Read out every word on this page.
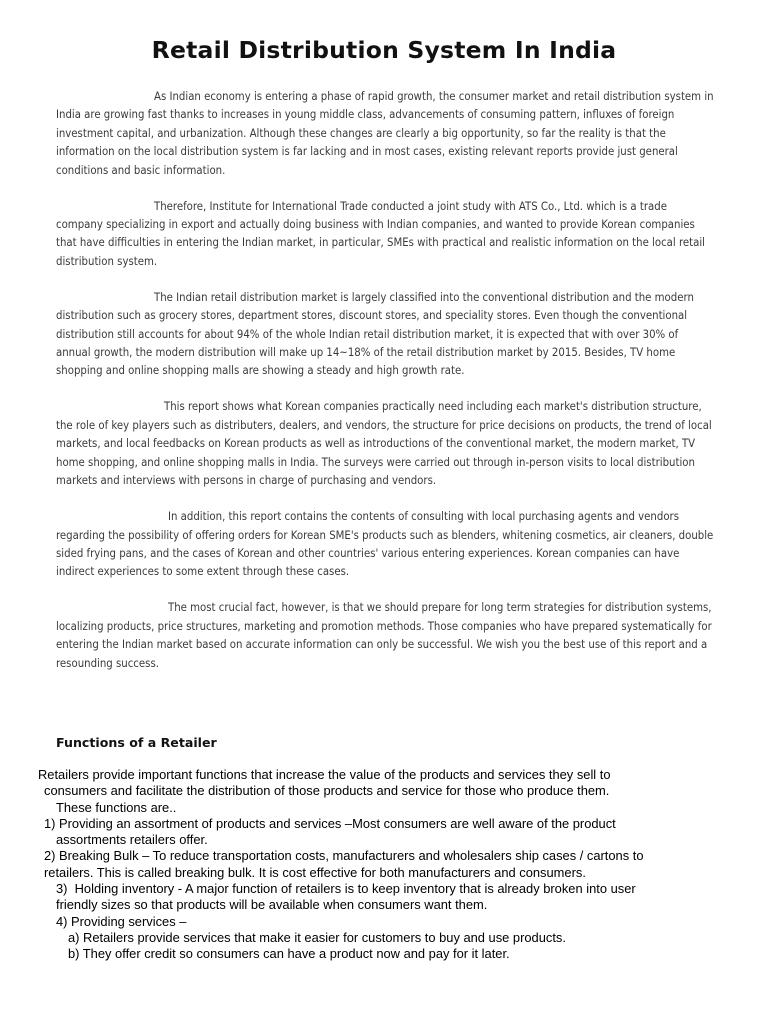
Retail Distribution System In India

As Indian economy is entering a phase of rapid growth, the consumer market and retail distribution system in India are growing fast thanks to increases in young middle class, advancements of consuming pattern, influxes of foreign investment capital, and urbanization. Although these changes are clearly a big opportunity, so far the reality is that the information on the local distribution system is far lacking and in most cases, existing relevant reports provide just general conditions and basic information.

Therefore, Institute for International Trade conducted a joint study with ATS Co., Ltd. which is a trade company specializing in export and actually doing business with Indian companies, and wanted to provide Korean companies that have difficulties in entering the Indian market, in particular, SMEs with practical and realistic information on the local retail distribution system.

The Indian retail distribution market is largely classified into the conventional distribution and the modern distribution such as grocery stores, department stores, discount stores, and speciality stores. Even though the conventional distribution still accounts for about 94% of the whole Indian retail distribution market, it is expected that with over 30% of annual growth, the modern distribution will make up 14~18% of the retail distribution market by 2015. Besides, TV home shopping and online shopping malls are showing a steady and high growth rate.

This report shows what Korean companies practically need including each market's distribution structure, the role of key players such as distributers, dealers, and vendors, the structure for price decisions on products, the trend of local markets, and local feedbacks on Korean products as well as introductions of the conventional market, the modern market, TV home shopping, and online shopping malls in India. The surveys were carried out through in-person visits to local distribution markets and interviews with persons in charge of purchasing and vendors.

In addition, this report contains the contents of consulting with local purchasing agents and vendors regarding the possibility of offering orders for Korean SME's products such as blenders, whitening cosmetics, air cleaners, double sided frying pans, and the cases of Korean and other countries' various entering experiences. Korean companies can have indirect experiences to some extent through these cases.

The most crucial fact, however, is that we should prepare for long term strategies for distribution systems, localizing products, price structures, marketing and promotion methods. Those companies who have prepared systematically for entering the Indian market based on accurate information can only be successful. We wish you the best use of this report and a resounding success.

Functions of a Retailer
Retailers provide important functions that increase the value of the products and services they sell to
consumers and facilitate the distribution of those products and service for those who produce them.
These functions are..
1) Providing an assortment of products and services –Most consumers are well aware of the product
assortments retailers offer.
2) Breaking Bulk – To reduce transportation costs, manufacturers and wholesalers ship cases / cartons to
retailers. This is called breaking bulk. It is cost effective for both manufacturers and consumers.
3)  Holding inventory - A major function of retailers is to keep inventory that is already broken into user
friendly sizes so that products will be available when consumers want them.
4) Providing services –
a) Retailers provide services that make it easier for customers to buy and use products.
b) They offer credit so consumers can have a product now and pay for it later.
